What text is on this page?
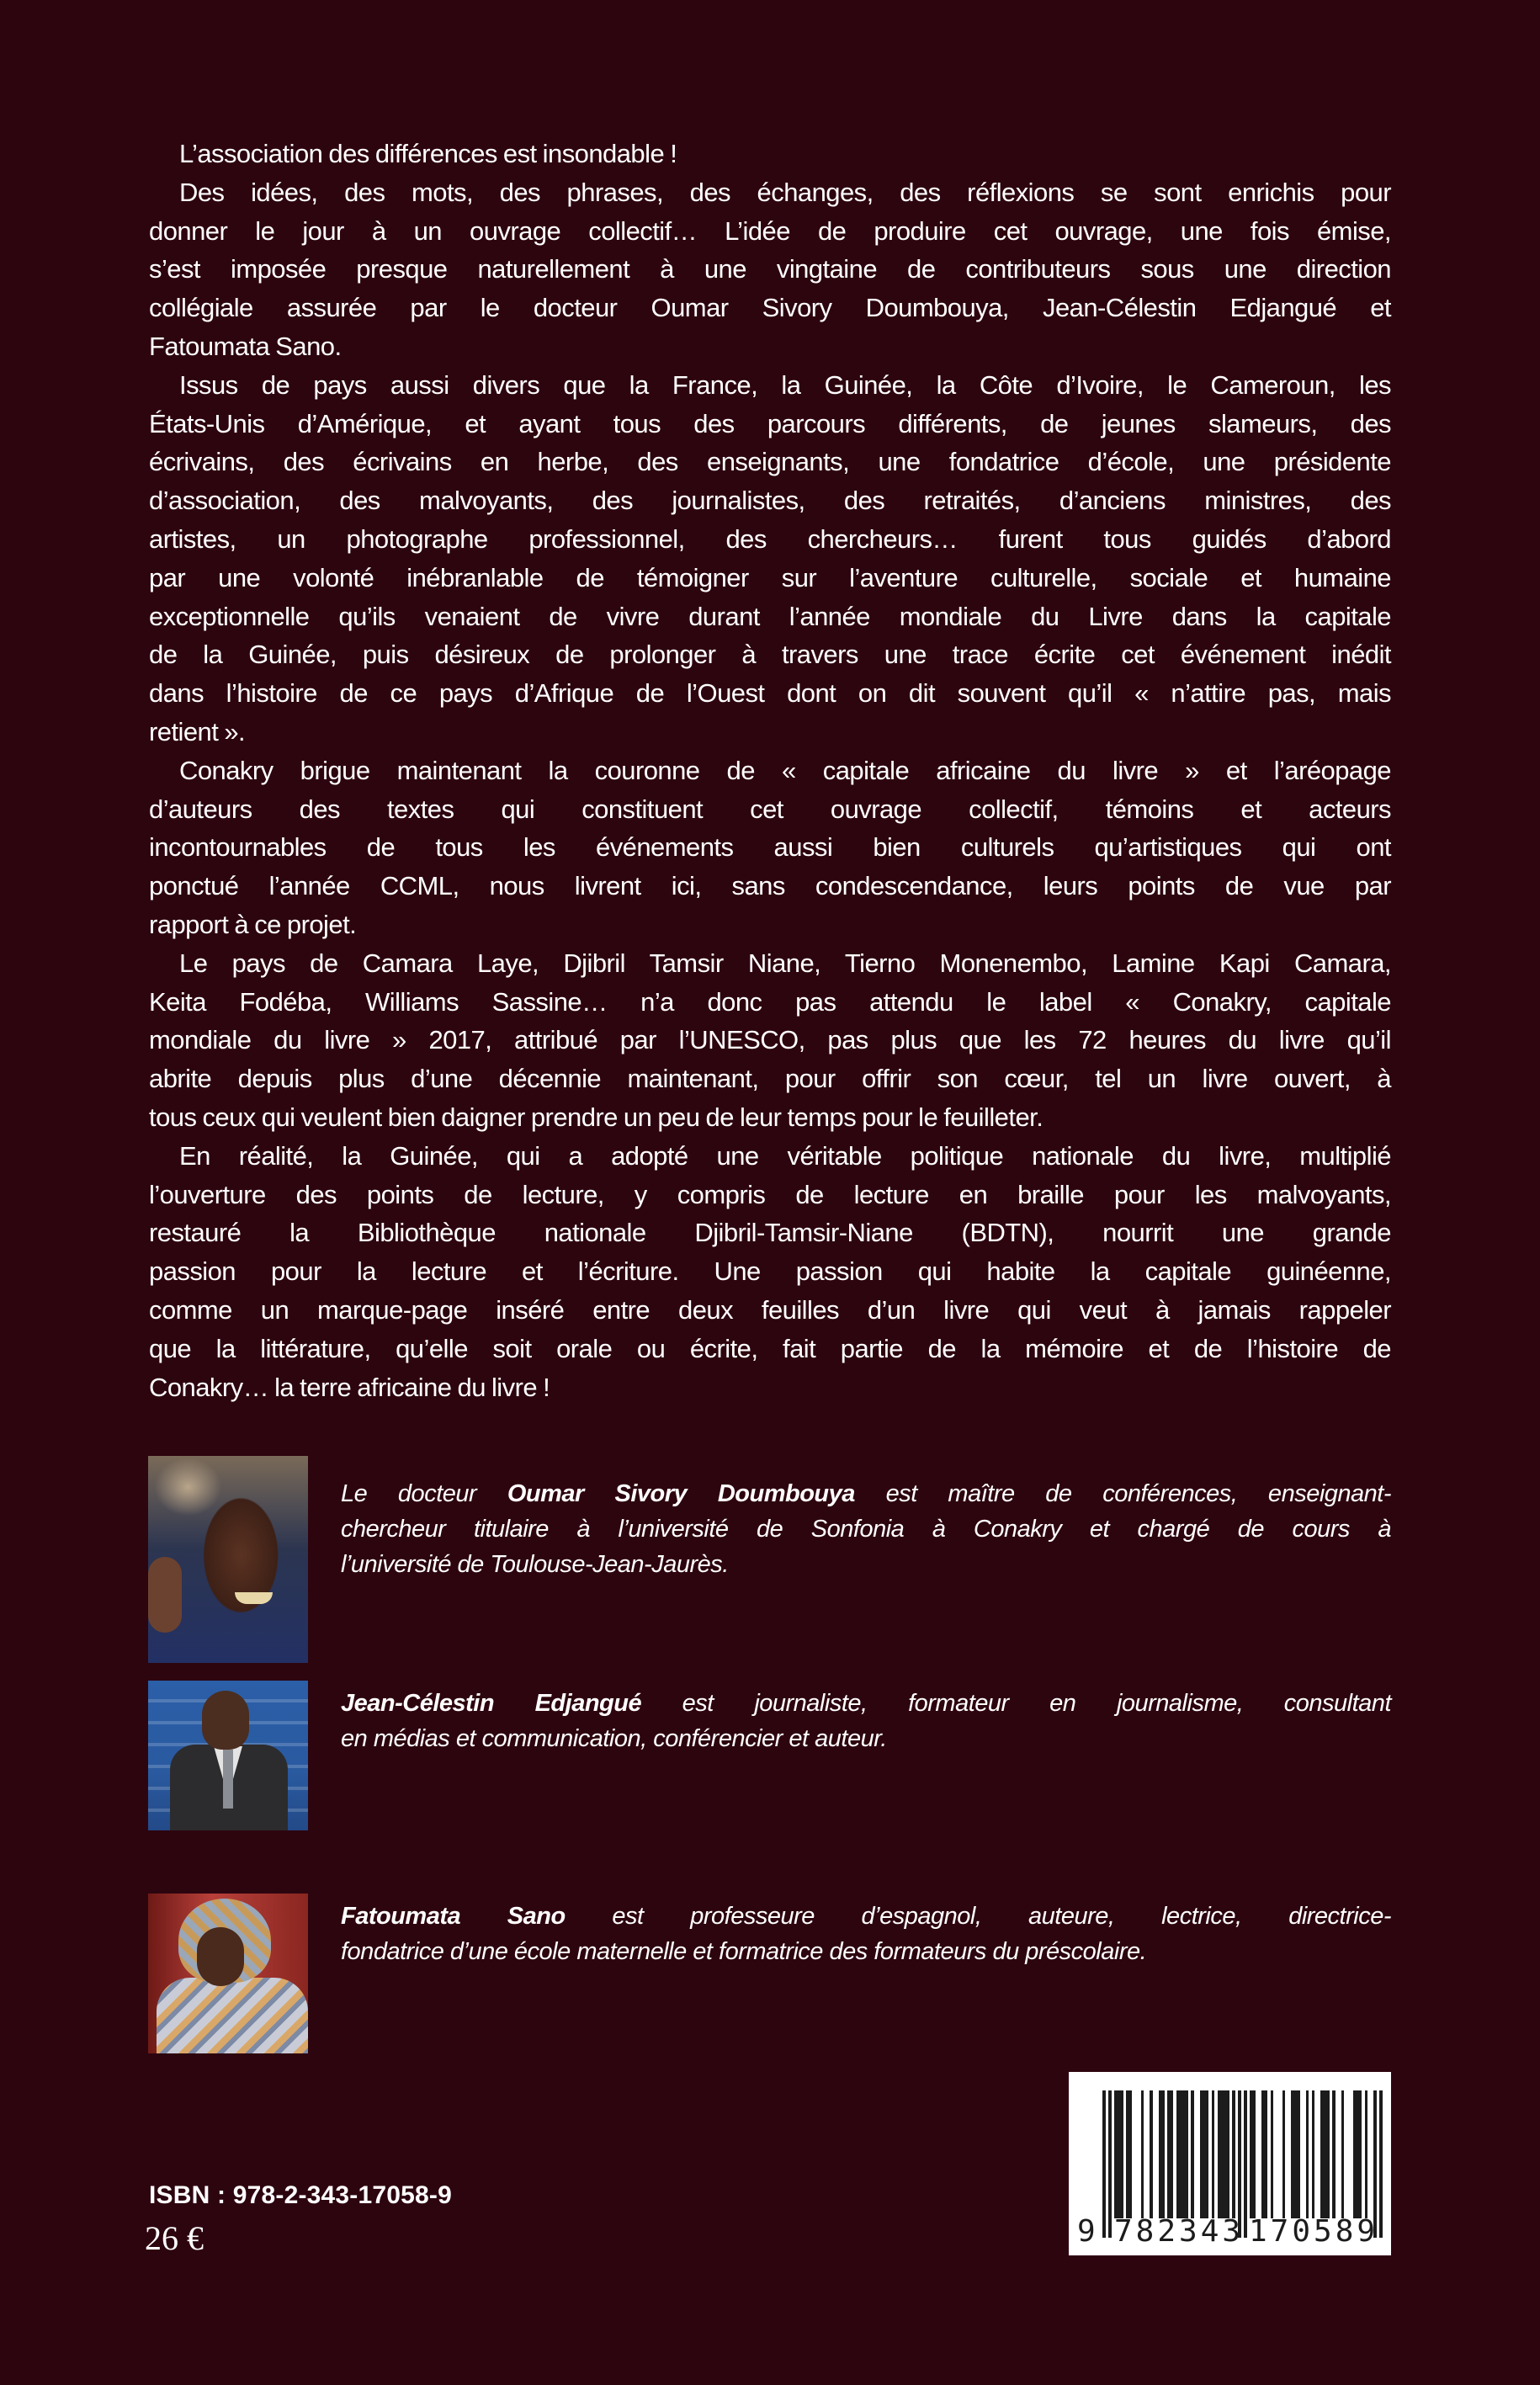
L’association des différences est insondable !
Des idées, des mots, des phrases, des échanges, des réflexions se sont enrichis pour
donner le jour à un ouvrage collectif… L’idée de produire cet ouvrage, une fois émise,
s’est imposée presque naturellement à une vingtaine de contributeurs sous une direction
collégiale assurée par le docteur Oumar Sivory Doumbouya, Jean-Célestin Edjangué et
Fatoumata Sano.
Issus de pays aussi divers que la France, la Guinée, la Côte d’Ivoire, le Cameroun, les
États-Unis d’Amérique, et ayant tous des parcours différents, de jeunes slameurs, des
écrivains, des écrivains en herbe, des enseignants, une fondatrice d’école, une présidente
d’association, des malvoyants, des journalistes, des retraités, d’anciens ministres, des
artistes, un photographe professionnel, des chercheurs… furent tous guidés d’abord
par une volonté inébranlable de témoigner sur l’aventure culturelle, sociale et humaine
exceptionnelle qu’ils venaient de vivre durant l’année mondiale du Livre dans la capitale
de la Guinée, puis désireux de prolonger à travers une trace écrite cet événement inédit
dans l’histoire de ce pays d’Afrique de l’Ouest dont on dit souvent qu’il « n’attire pas, mais
retient ».
Conakry brigue maintenant la couronne de « capitale africaine du livre » et l’aréopage
d’auteurs des textes qui constituent cet ouvrage collectif, témoins et acteurs
incontournables de tous les événements aussi bien culturels qu’artistiques qui ont
ponctué l’année CCML, nous livrent ici, sans condescendance, leurs points de vue par
rapport à ce projet.
Le pays de Camara Laye, Djibril Tamsir Niane, Tierno Monenembo, Lamine Kapi Camara,
Keita Fodéba, Williams Sassine… n’a donc pas attendu le label « Conakry, capitale
mondiale du livre » 2017, attribué par l’UNESCO, pas plus que les 72 heures du livre qu’il
abrite depuis plus d’une décennie maintenant, pour offrir son cœur, tel un livre ouvert, à
tous ceux qui veulent bien daigner prendre un peu de leur temps pour le feuilleter.
En réalité, la Guinée, qui a adopté une véritable politique nationale du livre, multiplié
l’ouverture des points de lecture, y compris de lecture en braille pour les malvoyants,
restauré la Bibliothèque nationale Djibril-Tamsir-Niane (BDTN), nourrit une grande
passion pour la lecture et l’écriture. Une passion qui habite la capitale guinéenne,
comme un marque-page inséré entre deux feuilles d’un livre qui veut à jamais rappeler
que la littérature, qu’elle soit orale ou écrite, fait partie de la mémoire et de l’histoire de
Conakry… la terre africaine du livre !
Le docteur Oumar Sivory Doumbouya est maître de conférences, enseignant-
chercheur titulaire à l’université de Sonfonia à Conakry et chargé de cours à
l’université de Toulouse-Jean-Jaurès.
Jean-Célestin Edjangué est journaliste, formateur en journalisme, consultant
en médias et communication, conférencier et auteur.
Fatoumata Sano est professeure d’espagnol, auteure, lectrice, directrice-
fondatrice d’une école maternelle et formatrice des formateurs du préscolaire.
ISBN : 978-2-343-17058-9
26 €	9 782343 170589
